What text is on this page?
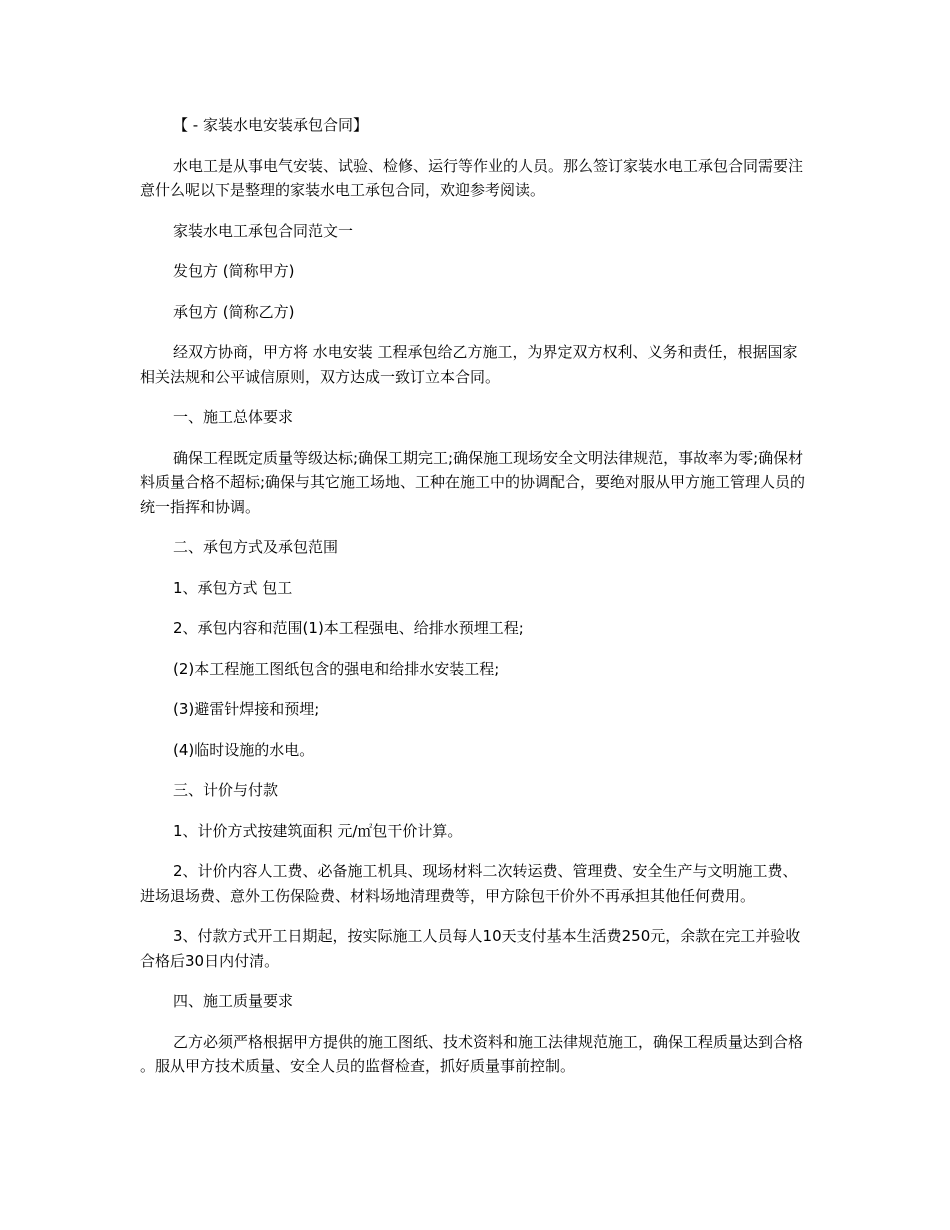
【 - 家装水电安装承包合同】

水电工是从事电气安装、试验、检修、运行等作业的人员。那么签订家装水电工承包合同需要注意什么呢以下是整理的家装水电工承包合同，欢迎参考阅读。

家装水电工承包合同范文一

发包方 (简称甲方)

承包方 (简称乙方)

经双方协商，甲方将 水电安装 工程承包给乙方施工，为界定双方权利、义务和责任，根据国家相关法规和公平诚信原则，双方达成一致订立本合同。

一、施工总体要求

确保工程既定质量等级达标;确保工期完工;确保施工现场安全文明法律规范，事故率为零;确保材料质量合格不超标;确保与其它施工场地、工种在施工中的协调配合，要绝对服从甲方施工管理人员的统一指挥和协调。

二、承包方式及承包范围

1、承包方式 包工

2、承包内容和范围(1)本工程强电、给排水预埋工程;

(2)本工程施工图纸包含的强电和给排水安装工程;

(3)避雷针焊接和预埋;

(4)临时设施的水电。

三、计价与付款

1、计价方式按建筑面积 元/㎡包干价计算。

2、计价内容人工费、必备施工机具、现场材料二次转运费、管理费、安全生产与文明施工费、进场退场费、意外工伤保险费、材料场地清理费等，甲方除包干价外不再承担其他任何费用。

3、付款方式开工日期起，按实际施工人员每人10天支付基本生活费250元，余款在完工并验收合格后30日内付清。

四、施工质量要求

乙方必须严格根据甲方提供的施工图纸、技术资料和施工法律规范施工，确保工程质量达到合格 。服从甲方技术质量、安全人员的监督检查，抓好质量事前控制。
